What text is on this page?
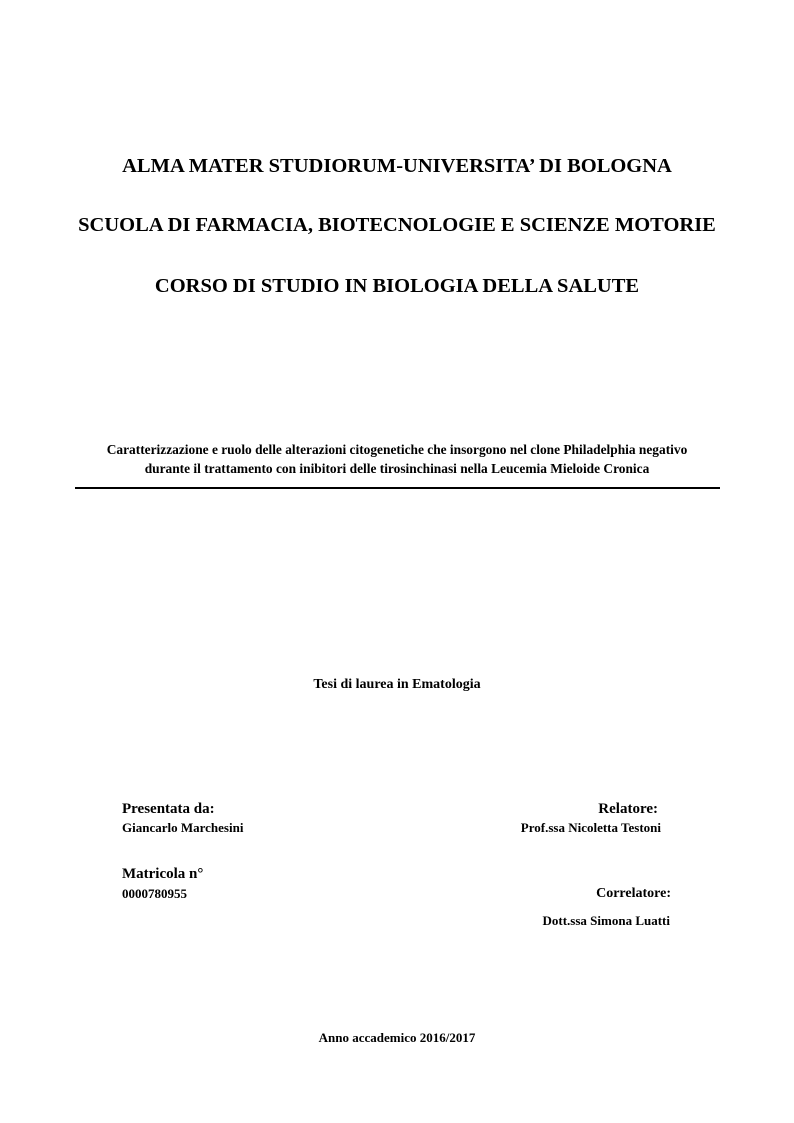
ALMA MATER STUDIORUM-UNIVERSITA’ DI BOLOGNA
SCUOLA DI FARMACIA, BIOTECNOLOGIE E SCIENZE MOTORIE
CORSO DI STUDIO IN BIOLOGIA DELLA SALUTE
Caratterizzazione e ruolo delle alterazioni citogenetiche che insorgono nel clone Philadelphia negativo
durante il trattamento con inibitori delle tirosinchinasi nella Leucemia Mieloide Cronica
Tesi di laurea in Ematologia
Presentata da:
Giancarlo Marchesini
Matricola n°
0000780955
Relatore:
Prof.ssa Nicoletta Testoni
Correlatore:
Dott.ssa Simona Luatti
Anno accademico 2016/2017
